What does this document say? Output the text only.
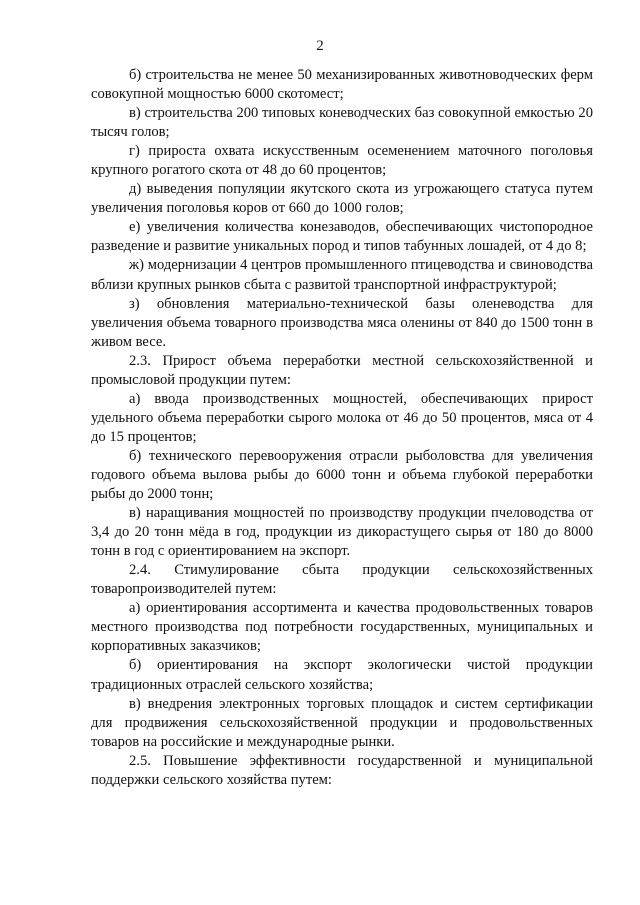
2

б) строительства не менее 50 механизированных животноводческих ферм совокупной мощностью 6000 скотомест;

в) строительства 200 типовых коневодческих баз совокупной емкостью 20 тысяч голов;

г) прироста охвата искусственным осеменением маточного поголовья крупного рогатого скота от 48 до 60 процентов;

д) выведения популяции якутского скота из угрожающего статуса путем увеличения поголовья коров от 660 до 1000 голов;

е) увеличения количества конезаводов, обеспечивающих чистопородное разведение и развитие уникальных пород и типов табунных лошадей, от 4 до 8;

ж) модернизации 4 центров промышленного птицеводства и свиноводства вблизи крупных рынков сбыта с развитой транспортной инфраструктурой;

з) обновления материально-технической базы оленеводства для увеличения объема товарного производства мяса оленины от 840 до 1500 тонн в живом весе.

2.3. Прирост объема переработки местной сельскохозяйственной и промысловой продукции путем:

а) ввода производственных мощностей, обеспечивающих прирост удельного объема переработки сырого молока от 46 до 50 процентов, мяса от 4 до 15 процентов;

б) технического перевооружения отрасли рыболовства для увеличения годового объема вылова рыбы до 6000 тонн и объема глубокой переработки рыбы до 2000 тонн;

в) наращивания мощностей по производству продукции пчеловодства от 3,4 до 20 тонн мёда в год, продукции из дикорастущего сырья от 180 до 8000 тонн в год с ориентированием на экспорт.

2.4. Стимулирование сбыта продукции сельскохозяйственных товаропроизводителей путем:

а) ориентирования ассортимента и качества продовольственных товаров местного производства под потребности государственных, муниципальных и корпоративных заказчиков;

б) ориентирования на экспорт экологически чистой продукции традиционных отраслей сельского хозяйства;

в) внедрения электронных торговых площадок и систем сертификации для продвижения сельскохозяйственной продукции и продовольственных товаров на российские и международные рынки.

2.5. Повышение эффективности государственной и муниципальной поддержки сельского хозяйства путем:
